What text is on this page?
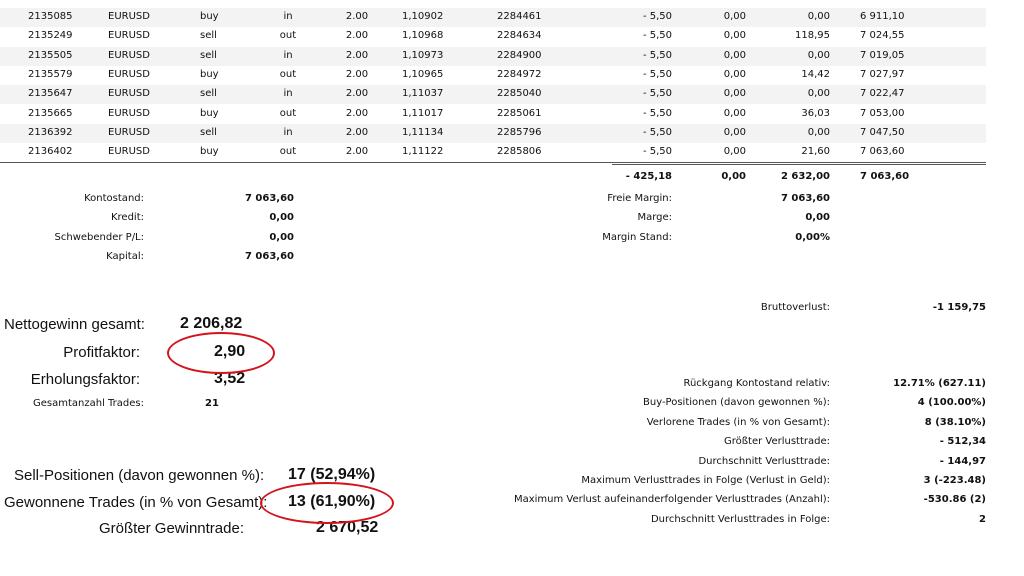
2135085	EURUSD	buy	in	2.00	1,10902	2284461	- 5,50	0,00	0,00	6 911,10
2135249	EURUSD	sell	out	2.00	1,10968	2284634	- 5,50	0,00	118,95	7 024,55
2135505	EURUSD	sell	in	2.00	1,10973	2284900	- 5,50	0,00	0,00	7 019,05
2135579	EURUSD	buy	out	2.00	1,10965	2284972	- 5,50	0,00	14,42	7 027,97
2135647	EURUSD	sell	in	2.00	1,11037	2285040	- 5,50	0,00	0,00	7 022,47
2135665	EURUSD	buy	out	2.00	1,11017	2285061	- 5,50	0,00	36,03	7 053,00
2136392	EURUSD	sell	in	2.00	1,11134	2285796	- 5,50	0,00	0,00	7 047,50
2136402	EURUSD	buy	out	2.00	1,11122	2285806	- 5,50	0,00	21,60	7 063,60
- 425,18	0,00	2 632,00	7 063,60
Kontostand:	7 063,60
Kredit:	0,00
Schwebender P/L:	0,00
Kapital:	7 063,60
Freie Margin:	7 063,60
Marge:	0,00
Margin Stand:	0,00%
Bruttoverlust:	-1 159,75
Nettogewinn gesamt: 2 206,82
Profitfaktor:	2,90
Erholungsfaktor:	3,52
Gesamtanzahl Trades:	21
Sell-Positionen (davon gewonnen %): 17 (52,94%)
Gewonnene Trades (in % von Gesamt): 13 (61,90%)
Größter Gewinntrade:	2 670,52
Rückgang Kontostand relativ:	12.71% (627.11)
Buy-Positionen (davon gewonnen %):	4 (100.00%)
Verlorene Trades (in % von Gesamt):	8 (38.10%)
Größter Verlusttrade:	- 512,34
Durchschnitt Verlusttrade:	- 144,97
Maximum Verlusttrades in Folge (Verlust in Geld):	3 (-223.48)
Maximum Verlust aufeinanderfolgender Verlusttrades (Anzahl):	-530.86 (2)
Durchschnitt Verlusttrades in Folge:	2
